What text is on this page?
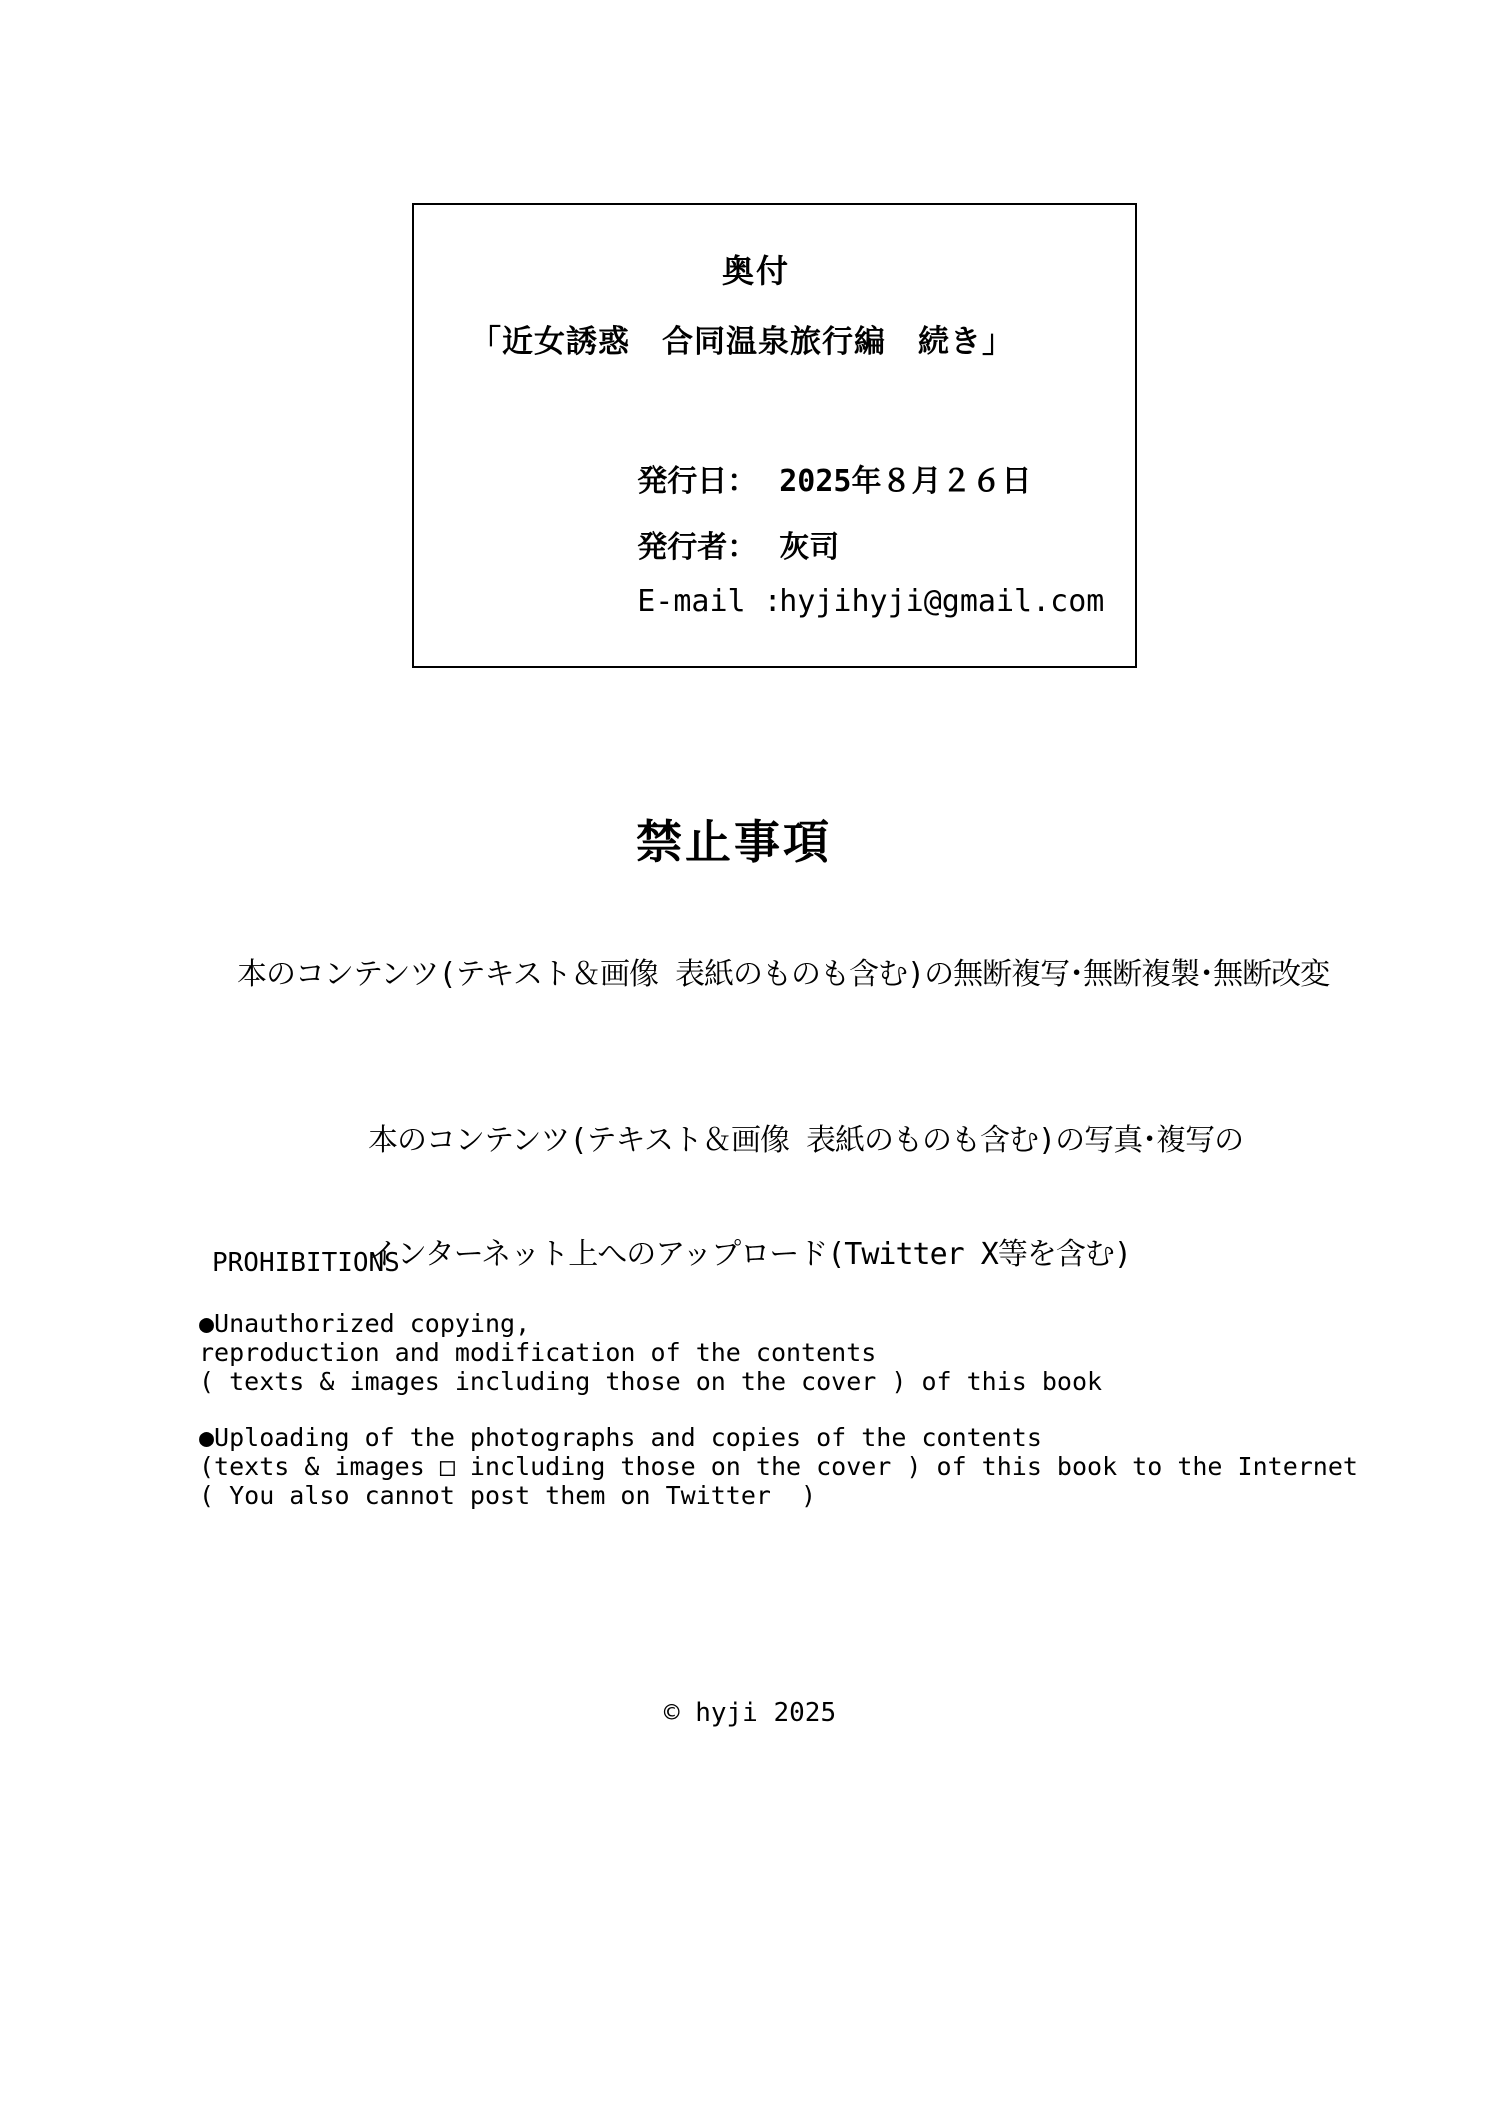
奥付
「近女誘惑　合同温泉旅行編　続き」

発行日： 2025年８月２６日

発行者： 灰司

E-mail :hyjihyji@gmail.com

禁止事項
本のコンテンツ(テキスト＆画像 表紙のものも含む)の無断複写･無断複製･無断改変

本のコンテンツ(テキスト＆画像 表紙のものも含む)の写真･複写の

インターネット上へのアップロード(Twitter X等を含む)

PROHIBITIONS
●Unauthorized copying,
reproduction and modification of the contents
( texts & images including those on the cover ) of this book
●Uploading of the photographs and copies of the contents
(texts & images □ including those on the cover ) of this book to the Internet
( You also cannot post them on Twitter  )
© hyji 2025
